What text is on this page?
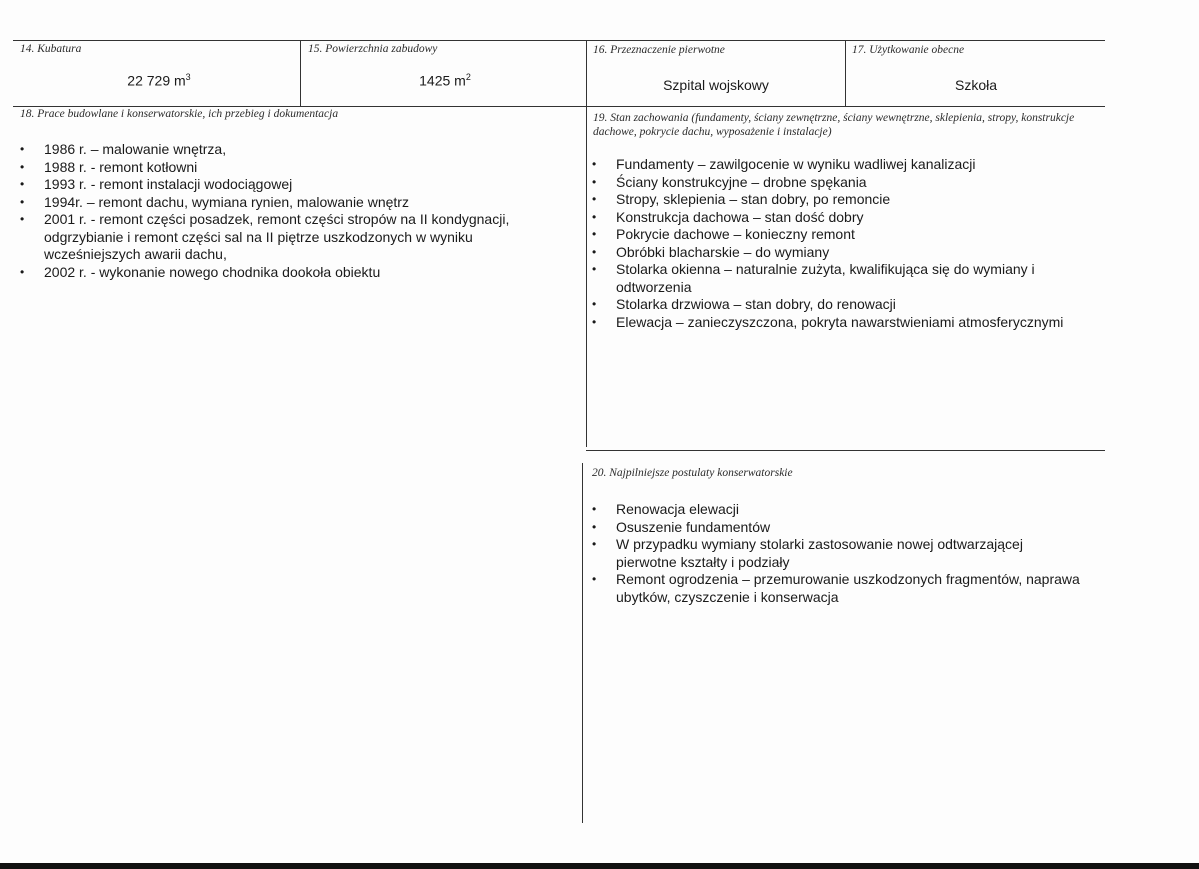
14. Kubatura
22 729 $m^3$
15. Powierzchnia zabudowy
1425 $m^2$
16. Przeznaczenie pierwotne
Szpital wojskowy
17. Użytkowanie obecne
Szkoła
18. Prace budowlane i konserwatorskie, ich przebieg i dokumentacja
• 1986 r. – malowanie wnętrza,
• 1988 r. - remont kotłowni
• 1993 r. - remont instalacji wodociągowej
• 1994r. – remont dachu, wymiana rynien, malowanie wnętrz
• 2001 r. - remont części posadzek, remont części stropów na II kondygnacji, odgrzybianie i remont części sal na II piętrze uszkodzonych w wyniku wcześniejszych awarii dachu,
• 2002 r. - wykonanie nowego chodnika dookoła obiektu
19. Stan zachowania (fundamenty, ściany zewnętrzne, ściany wewnętrzne, sklepienia, stropy, konstrukcje dachowe, pokrycie dachu, wyposażenie i instalacje)
• Fundamenty – zawilgocenie w wyniku wadliwej kanalizacji
• Ściany konstrukcyjne – drobne spękania
• Stropy, sklepienia – stan dobry, po remoncie
• Konstrukcja dachowa – stan dość dobry
• Pokrycie dachowe – konieczny remont
• Obróbki blacharskie – do wymiany
• Stolarka okienna – naturalnie zużyta, kwalifikująca się do wymiany i odtworzenia
• Stolarka drzwiowa – stan dobry, do renowacji
• Elewacja – zanieczyszczona, pokryta nawarstwieniami atmosferycznymi
20. Najpilniejsze postulaty konserwatorskie
• Renowacja elewacji
• Osuszenie fundamentów
• W przypadku wymiany stolarki zastosowanie nowej odtwarzającej pierwotne kształty i podziały
• Remont ogrodzenia – przemurowanie uszkodzonych fragmentów, naprawa ubytków, czyszczenie i konserwacja
